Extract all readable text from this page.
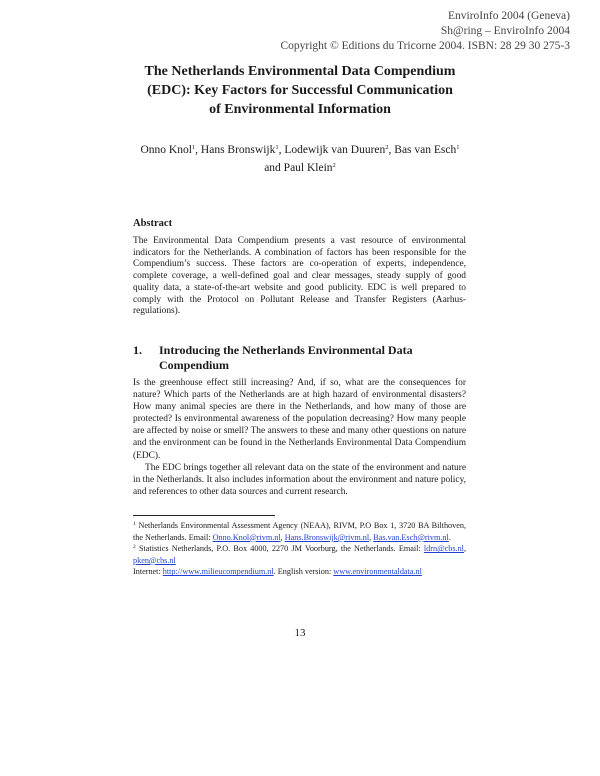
EnviroInfo 2004 (Geneva)
Sh@ring – EnviroInfo 2004
Copyright © Editions du Tricorne 2004. ISBN: 28 29 30 275-3
The Netherlands Environmental Data Compendium
(EDC): Key Factors for Successful Communication
of Environmental Information
Onno Knol$^1$, Hans Bronswijk$^1$, Lodewijk van Duuren$^2$, Bas van Esch$^1$
and Paul Klein$^2$
Abstract
The Environmental Data Compendium presents a vast resource of environmental indicators for the Netherlands. A combination of factors has been responsible for the Compendium’s success. These factors are co-operation of experts, independence, complete coverage, a well-defined goal and clear messages, steady supply of good quality data, a state-of-the-art website and good publicity. EDC is well prepared to comply with the Protocol on Pollutant Release and Transfer Registers (Aarhus-regulations).
1.	Introducing the Netherlands Environmental Data Compendium

Is the greenhouse effect still increasing? And, if so, what are the consequences for nature? Which parts of the Netherlands are at high hazard of environmental disasters? How many animal species are there in the Netherlands, and how many of those are protected? Is environmental awareness of the population decreasing? How many people are affected by noise or smell? The answers to these and many other questions on nature and the environment can be found in the Netherlands Environmental Data Compendium (EDC).

The EDC brings together all relevant data on the state of the environment and nature in the Netherlands. It also includes information about the environment and nature policy, and references to other data sources and current research.

$^1$ Netherlands Environmental Assessment Agency (NEAA), RIVM, P.O Box 1, 3720 BA Bilthoven, the Netherlands. Email: Onno.Knol@rivm.nl, Hans.Bronswijk@rivm.nl, Bas.van.Esch@rivm.nl.

$^2$ Statistics Netherlands, P.O. Box 4000, 2270 JM Voorburg, the Netherlands. Email: ldrn@cbs.nl, pken@cbs.nl

Internet: http://www.milieucompendium.nl. English version: www.environmentaldata.nl

13
